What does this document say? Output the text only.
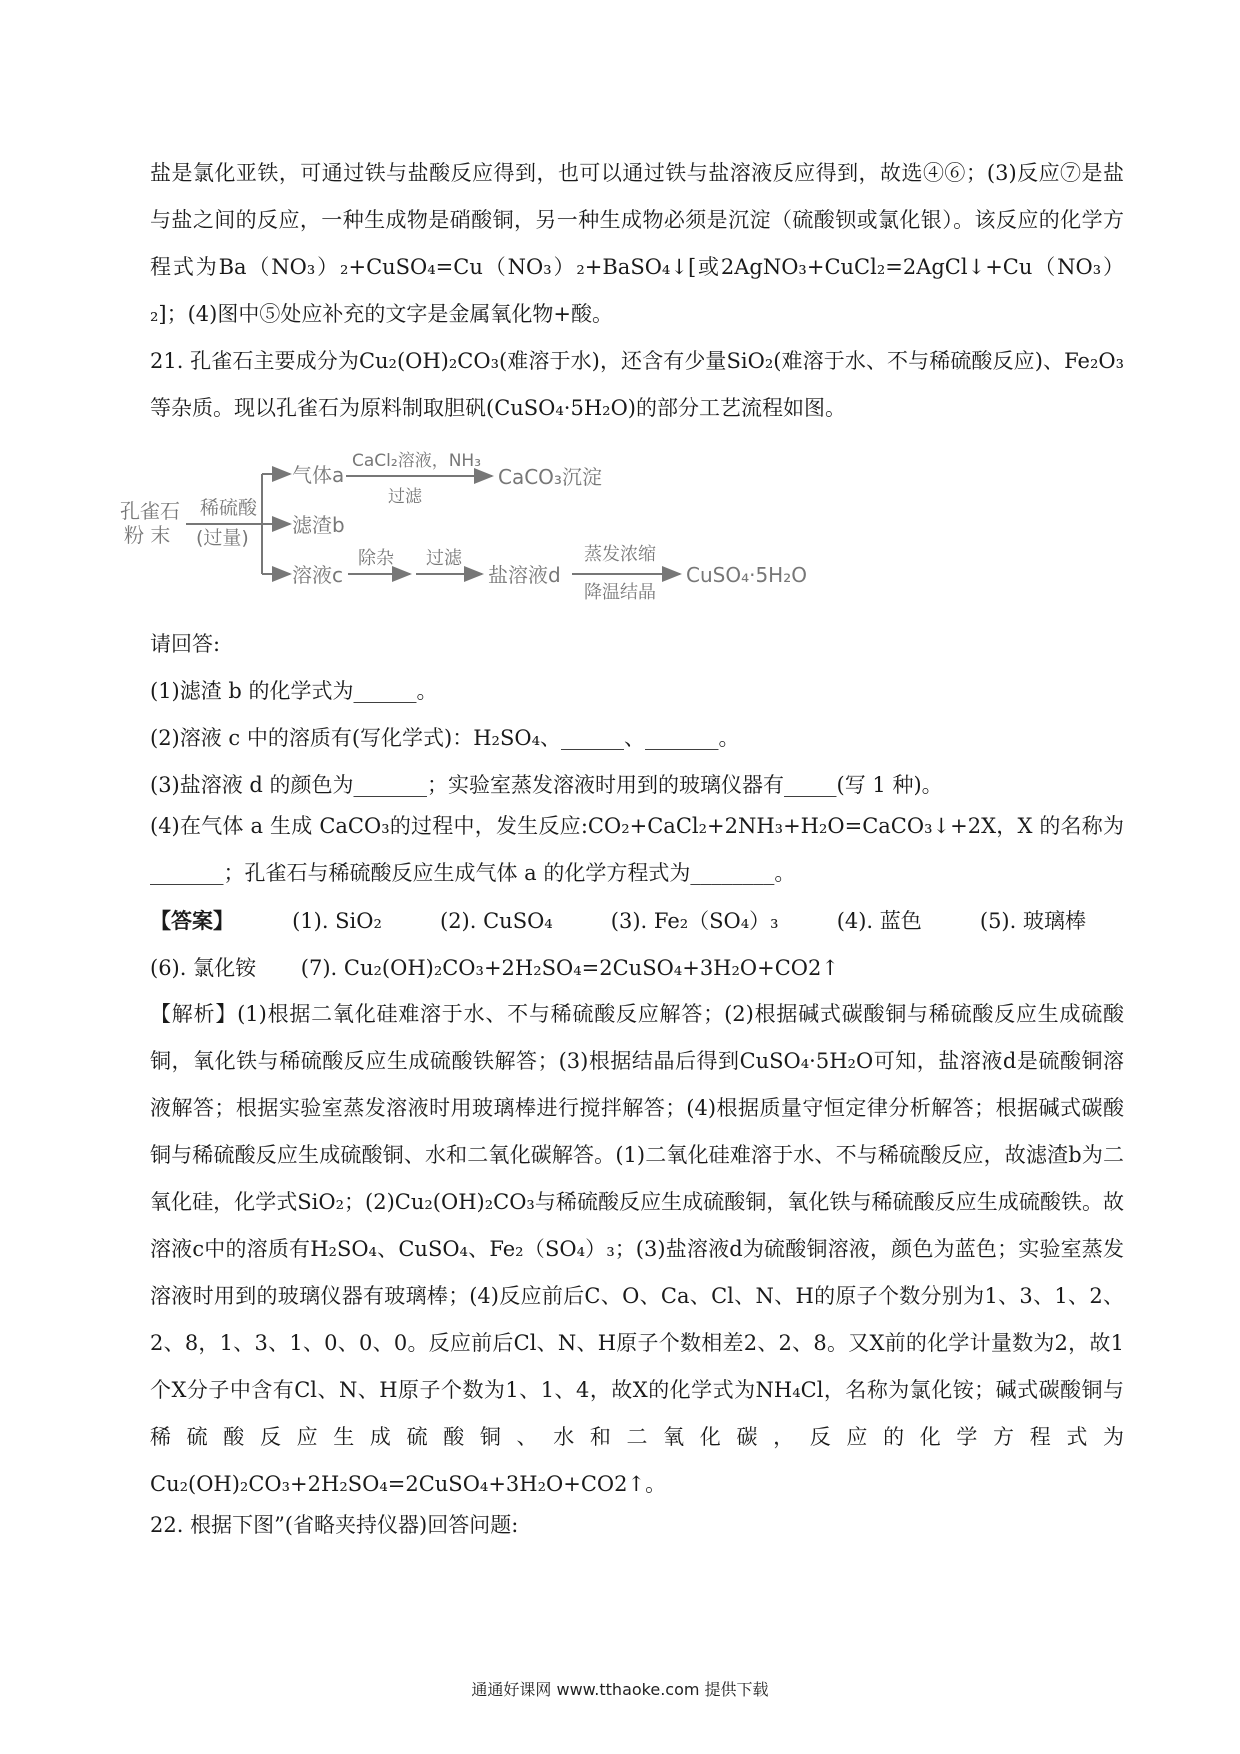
盐是氯化亚铁，可通过铁与盐酸反应得到，也可以通过铁与盐溶液反应得到，故选④⑥；(3)反应⑦是盐与盐之间的反应，一种生成物是硝酸铜，另一种生成物必须是沉淀（硫酸钡或氯化银）。该反应的化学方程式为Ba（NO₃）₂+CuSO₄=Cu（NO₃）₂+BaSO₄↓[或2AgNO₃+CuCl₂=2AgCl↓+Cu（NO₃）₂]；(4)图中⑤处应补充的文字是金属氧化物+酸。
21. 孔雀石主要成分为Cu₂(OH)₂CO₃(难溶于水)，还含有少量SiO₂(难溶于水、不与稀硫酸反应)、Fe₂O₃等杂质。现以孔雀石为原料制取胆矾(CuSO₄·5H₂O)的部分工艺流程如图。
孔雀石
粉 末
稀硫酸
(过量)
气体a
CaCl₂溶液，NH₃
过滤
CaCO₃沉淀
滤渣b
溶液c
除杂 过滤
盐溶液d
蒸发浓缩
降温结晶
CuSO₄·5H₂O
请回答:
(1)滤渣 b 的化学式为______。
(2)溶液 c 中的溶质有(写化学式)：H₂SO₄、______、_______。
(3)盐溶液 d 的颜色为_______；实验室蒸发溶液时用到的玻璃仪器有_____(写 1 种)。
(4)在气体 a 生成 CaCO₃的过程中，发生反应:CO₂+CaCl₂+2NH₃+H₂O=CaCO₃↓+2X，X 的名称为_______；孔雀石与稀硫酸反应生成气体 a 的化学方程式为________。
【答案】	(1). SiO₂	(2). CuSO₄	(3). Fe₂（SO₄）₃	(4). 蓝色	(5). 玻璃棒 (6). 氯化铵 (7). Cu₂(OH)₂CO₃+2H₂SO₄=2CuSO₄+3H₂O+CO2↑
【解析】(1)根据二氧化硅难溶于水、不与稀硫酸反应解答；(2)根据碱式碳酸铜与稀硫酸反应生成硫酸铜，氧化铁与稀硫酸反应生成硫酸铁解答；(3)根据结晶后得到CuSO₄·5H₂O可知，盐溶液d是硫酸铜溶液解答；根据实验室蒸发溶液时用玻璃棒进行搅拌解答；(4)根据质量守恒定律分析解答；根据碱式碳酸铜与稀硫酸反应生成硫酸铜、水和二氧化碳解答。(1)二氧化硅难溶于水、不与稀硫酸反应，故滤渣b为二氧化硅，化学式SiO₂；(2)Cu₂(OH)₂CO₃与稀硫酸反应生成硫酸铜，氧化铁与稀硫酸反应生成硫酸铁。故溶液c中的溶质有H₂SO₄、CuSO₄、Fe₂（SO₄）₃；(3)盐溶液d为硫酸铜溶液，颜色为蓝色；实验室蒸发溶液时用到的玻璃仪器有玻璃棒；(4)反应前后C、O、Ca、Cl、N、H的原子个数分别为1、3、1、2、2、8，1、3、1、0、0、0。反应前后Cl、N、H原子个数相差2、2、8。又X前的化学计量数为2，故1个X分子中含有Cl、N、H原子个数为1、1、4，故X的化学式为NH₄Cl，名称为氯化铵；碱式碳酸铜与稀硫酸反应生成硫酸铜、水和二氧化碳，反应的化学方程式为Cu₂(OH)₂CO₃+2H₂SO₄=2CuSO₄+3H₂O+CO2↑。
22. 根据下图”(省略夹持仪器)回答问题:
通通好课网 www.tthaoke.com 提供下载
